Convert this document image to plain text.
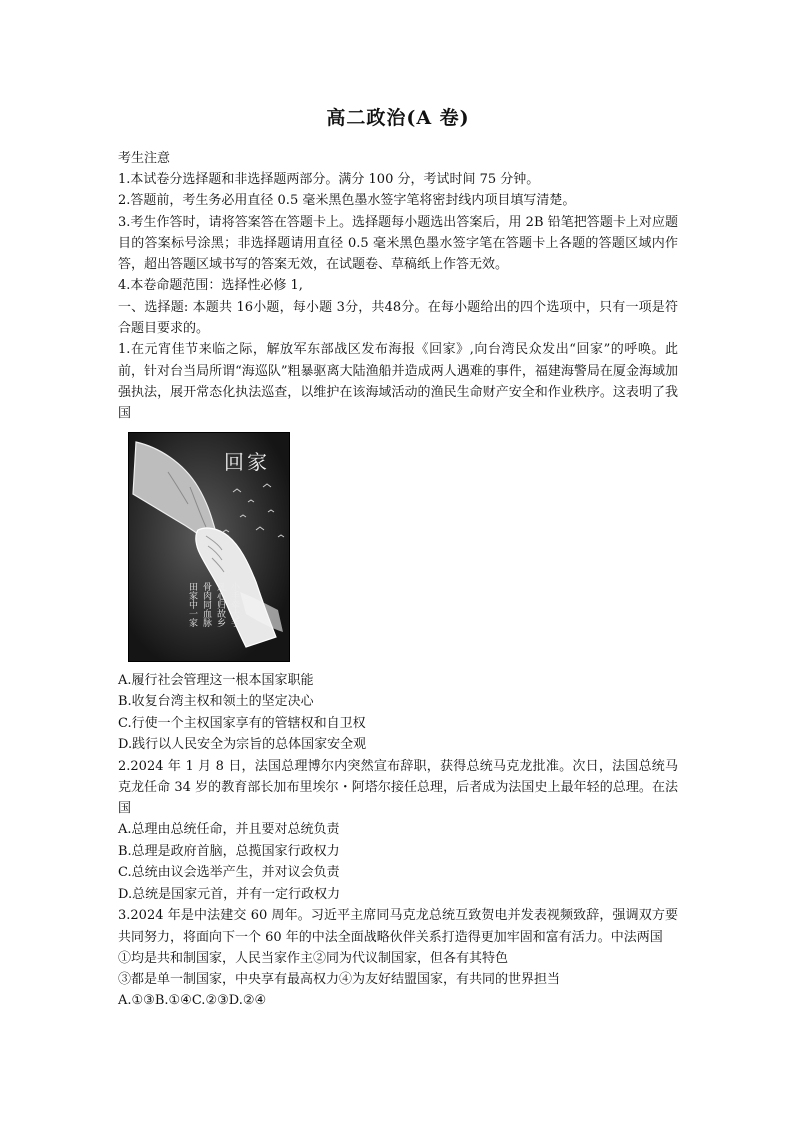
高二政治(A 卷)

考生注意

1.本试卷分选择题和非选择题两部分。满分 100 分，考试时间 75 分钟。

2.答题前，考生务必用直径 0.5 毫米黑色墨水签字笔将密封线内项目填写清楚。

3.考生作答时，请将答案答在答题卡上。选择题每小题选出答案后，用 2B 铅笔把答题卡上对应题目的答案标号涂黑；非选择题请用直径 0.5 毫米黑色墨水签字笔在答题卡上各题的答题区域内作答，超出答题区域书写的答案无效，在试题卷、草稿纸上作答无效。

4.本卷命题范围：选择性必修 1,

一、选择题: 本题共 16小题，每小题 3分，共48分。在每小题给出的四个选项中，只有一项是符合题目要求的。

1.在元宵佳节来临之际，解放军东部战区发布海报《回家》,向台湾民众发出“回家”的呼唤。此前，针对台当局所谓“海巡队”粗暴驱离大陆渔船并造成两人遇难的事件，福建海警局在厦金海域加强执法，展开常态化执法巡查，以维护在该海域活动的渔民生命财产安全和作业秩序。这表明了我国

回家
小手牵大手
凡心归故乡
骨肉同血脉
田家中一家

A.履行社会管理这一根本国家职能

B.收复台湾主权和领土的坚定决心

C.行使一个主权国家享有的管辖权和自卫权

D.践行以人民安全为宗旨的总体国家安全观

2.2024 年 1 月 8 日，法国总理博尔内突然宣布辞职，获得总统马克龙批准。次日，法国总统马克龙任命 34 岁的教育部长加布里埃尔・阿塔尔接任总理，后者成为法国史上最年轻的总理。在法国

A.总理由总统任命，并且要对总统负责

B.总理是政府首脑，总揽国家行政权力

C.总统由议会选举产生，并对议会负责

D.总统是国家元首，并有一定行政权力

3.2024 年是中法建交 60 周年。习近平主席同马克龙总统互致贺电并发表视频致辞，强调双方要共同努力，将面向下一个 60 年的中法全面战略伙伴关系打造得更加牢固和富有活力。中法两国

①均是共和制国家，人民当家作主②同为代议制国家，但各有其特色

③都是单一制国家，中央享有最高权力④为友好结盟国家，有共同的世界担当

A.①③B.①④C.②③D.②④
